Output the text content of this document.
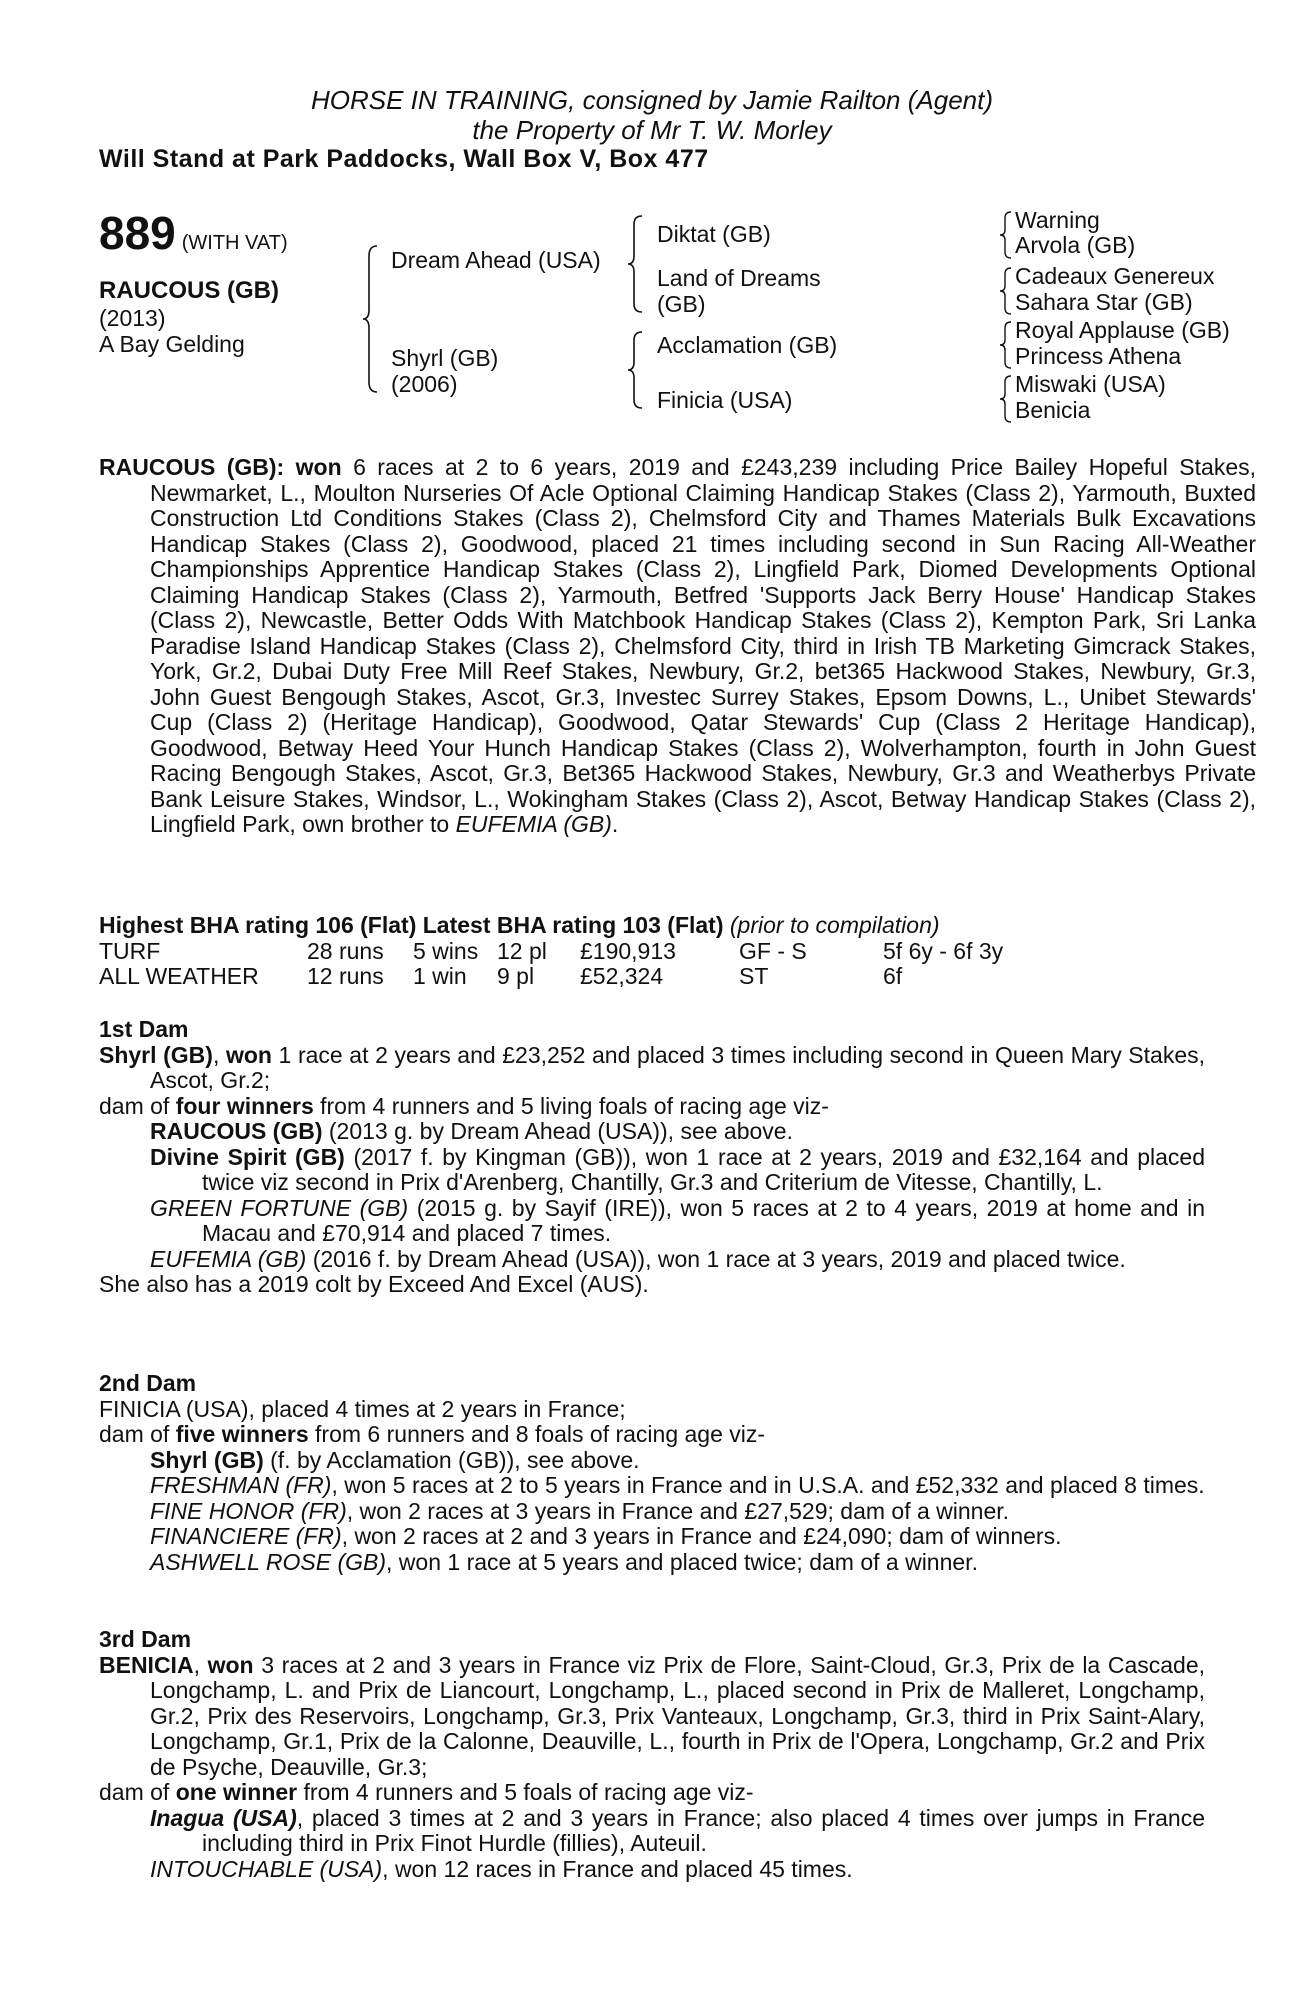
HORSE IN TRAINING, consigned by Jamie Railton (Agent)
the Property of Mr T. W. Morley
Will Stand at Park Paddocks, Wall Box V, Box 477
889 (WITH VAT)
RAUCOUS (GB)
(2013)
A Bay Gelding
Dream Ahead (USA)
Shyrl (GB)
(2006)
Diktat (GB)
Land of Dreams
(GB)
Acclamation (GB)
Finicia (USA)
Warning
Arvola (GB)
Cadeaux Genereux
Sahara Star (GB)
Royal Applause (GB)
Princess Athena
Miswaki (USA)
Benicia
RAUCOUS (GB): won 6 races at 2 to 6 years, 2019 and £243,239 including Price Bailey Hopeful Stakes, Newmarket, L., Moulton Nurseries Of Acle Optional Claiming Handicap Stakes (Class 2), Yarmouth, Buxted Construction Ltd Conditions Stakes (Class 2), Chelmsford City and Thames Materials Bulk Excavations Handicap Stakes (Class 2), Goodwood, placed 21 times including second in Sun Racing All-Weather Championships Apprentice Handicap Stakes (Class 2), Lingfield Park, Diomed Developments Optional Claiming Handicap Stakes (Class 2), Yarmouth, Betfred 'Supports Jack Berry House' Handicap Stakes (Class 2), Newcastle, Better Odds With Matchbook Handicap Stakes (Class 2), Kempton Park, Sri Lanka Paradise Island Handicap Stakes (Class 2), Chelmsford City, third in Irish TB Marketing Gimcrack Stakes, York, Gr.2, Dubai Duty Free Mill Reef Stakes, Newbury, Gr.2, bet365 Hackwood Stakes, Newbury, Gr.3, John Guest Bengough Stakes, Ascot, Gr.3, Investec Surrey Stakes, Epsom Downs, L., Unibet Stewards' Cup (Class 2) (Heritage Handicap), Goodwood, Qatar Stewards' Cup (Class 2 Heritage Handicap), Goodwood, Betway Heed Your Hunch Handicap Stakes (Class 2), Wolverhampton, fourth in John Guest Racing Bengough Stakes, Ascot, Gr.3, Bet365 Hackwood Stakes, Newbury, Gr.3 and Weatherbys Private Bank Leisure Stakes, Windsor, L., Wokingham Stakes (Class 2), Ascot, Betway Handicap Stakes (Class 2), Lingfield Park, own brother to EUFEMIA (GB).
Highest BHA rating 106 (Flat) Latest BHA rating 103 (Flat) (prior to compilation)
TURF	28 runs 5 wins 12 pl £190,913	GF - S	5f 6y - 6f 3y
ALL WEATHER 12 runs 1 win 9 pl £52,324	ST	6f
1st Dam
Shyrl (GB), won 1 race at 2 years and £23,252 and placed 3 times including second in Queen Mary Stakes, Ascot, Gr.2;
dam of four winners from 4 runners and 5 living foals of racing age viz-
RAUCOUS (GB) (2013 g. by Dream Ahead (USA)), see above.
Divine Spirit (GB) (2017 f. by Kingman (GB)), won 1 race at 2 years, 2019 and £32,164 and placed twice viz second in Prix d'Arenberg, Chantilly, Gr.3 and Criterium de Vitesse, Chantilly, L.
GREEN FORTUNE (GB) (2015 g. by Sayif (IRE)), won 5 races at 2 to 4 years, 2019 at home and in Macau and £70,914 and placed 7 times.
EUFEMIA (GB) (2016 f. by Dream Ahead (USA)), won 1 race at 3 years, 2019 and placed twice.
She also has a 2019 colt by Exceed And Excel (AUS).
2nd Dam
FINICIA (USA), placed 4 times at 2 years in France;
dam of five winners from 6 runners and 8 foals of racing age viz-
Shyrl (GB) (f. by Acclamation (GB)), see above.
FRESHMAN (FR), won 5 races at 2 to 5 years in France and in U.S.A. and £52,332 and placed 8 times.
FINE HONOR (FR), won 2 races at 3 years in France and £27,529; dam of a winner.
FINANCIERE (FR), won 2 races at 2 and 3 years in France and £24,090; dam of winners.
ASHWELL ROSE (GB), won 1 race at 5 years and placed twice; dam of a winner.
3rd Dam
BENICIA, won 3 races at 2 and 3 years in France viz Prix de Flore, Saint-Cloud, Gr.3, Prix de la Cascade, Longchamp, L. and Prix de Liancourt, Longchamp, L., placed second in Prix de Malleret, Longchamp, Gr.2, Prix des Reservoirs, Longchamp, Gr.3, Prix Vanteaux, Longchamp, Gr.3, third in Prix Saint-Alary, Longchamp, Gr.1, Prix de la Calonne, Deauville, L., fourth in Prix de l'Opera, Longchamp, Gr.2 and Prix de Psyche, Deauville, Gr.3;
dam of one winner from 4 runners and 5 foals of racing age viz-
Inagua (USA), placed 3 times at 2 and 3 years in France; also placed 4 times over jumps in France including third in Prix Finot Hurdle (fillies), Auteuil.
INTOUCHABLE (USA), won 12 races in France and placed 45 times.
